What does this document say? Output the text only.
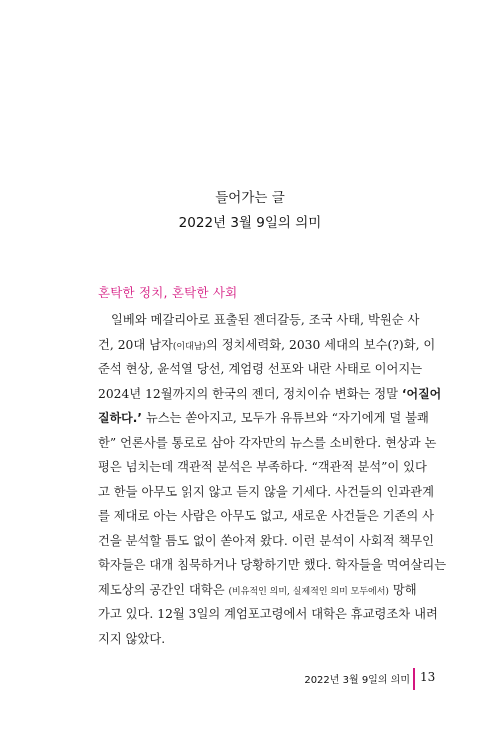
들어가는 글
2022년 3월 9일의 의미
혼탁한 정치, 혼탁한 사회
일베와 메갈리아로 표출된 젠더갈등, 조국 사태, 박원순 사
건, 20대 남자(이대남)의 정치세력화, 2030 세대의 보수(?)화, 이
준석 현상, 윤석열 당선, 계엄령 선포와 내란 사태로 이어지는
2024년 12월까지의 한국의 젠더, 정치이슈 변화는 정말 ‘어질어
질하다.’ 뉴스는 쏟아지고, 모두가 유튜브와 “자기에게 덜 불쾌
한” 언론사를 통로로 삼아 각자만의 뉴스를 소비한다. 현상과 논
평은 넘치는데 객관적 분석은 부족하다. “객관적 분석”이 있다
고 한들 아무도 읽지 않고 듣지 않을 기세다. 사건들의 인과관계
를 제대로 아는 사람은 아무도 없고, 새로운 사건들은 기존의 사
건을 분석할 틈도 없이 쏟아져 왔다. 이런 분석이 사회적 책무인
학자들은 대개 침묵하거나 당황하기만 했다. 학자들을 먹여살리는
제도상의 공간인 대학은 (비유적인 의미, 실제적인 의미 모두에서) 망해
가고 있다. 12월 3일의 계엄포고령에서 대학은 휴교령조차 내려
지지 않았다.
2022년 3월 9일의 의미 13
